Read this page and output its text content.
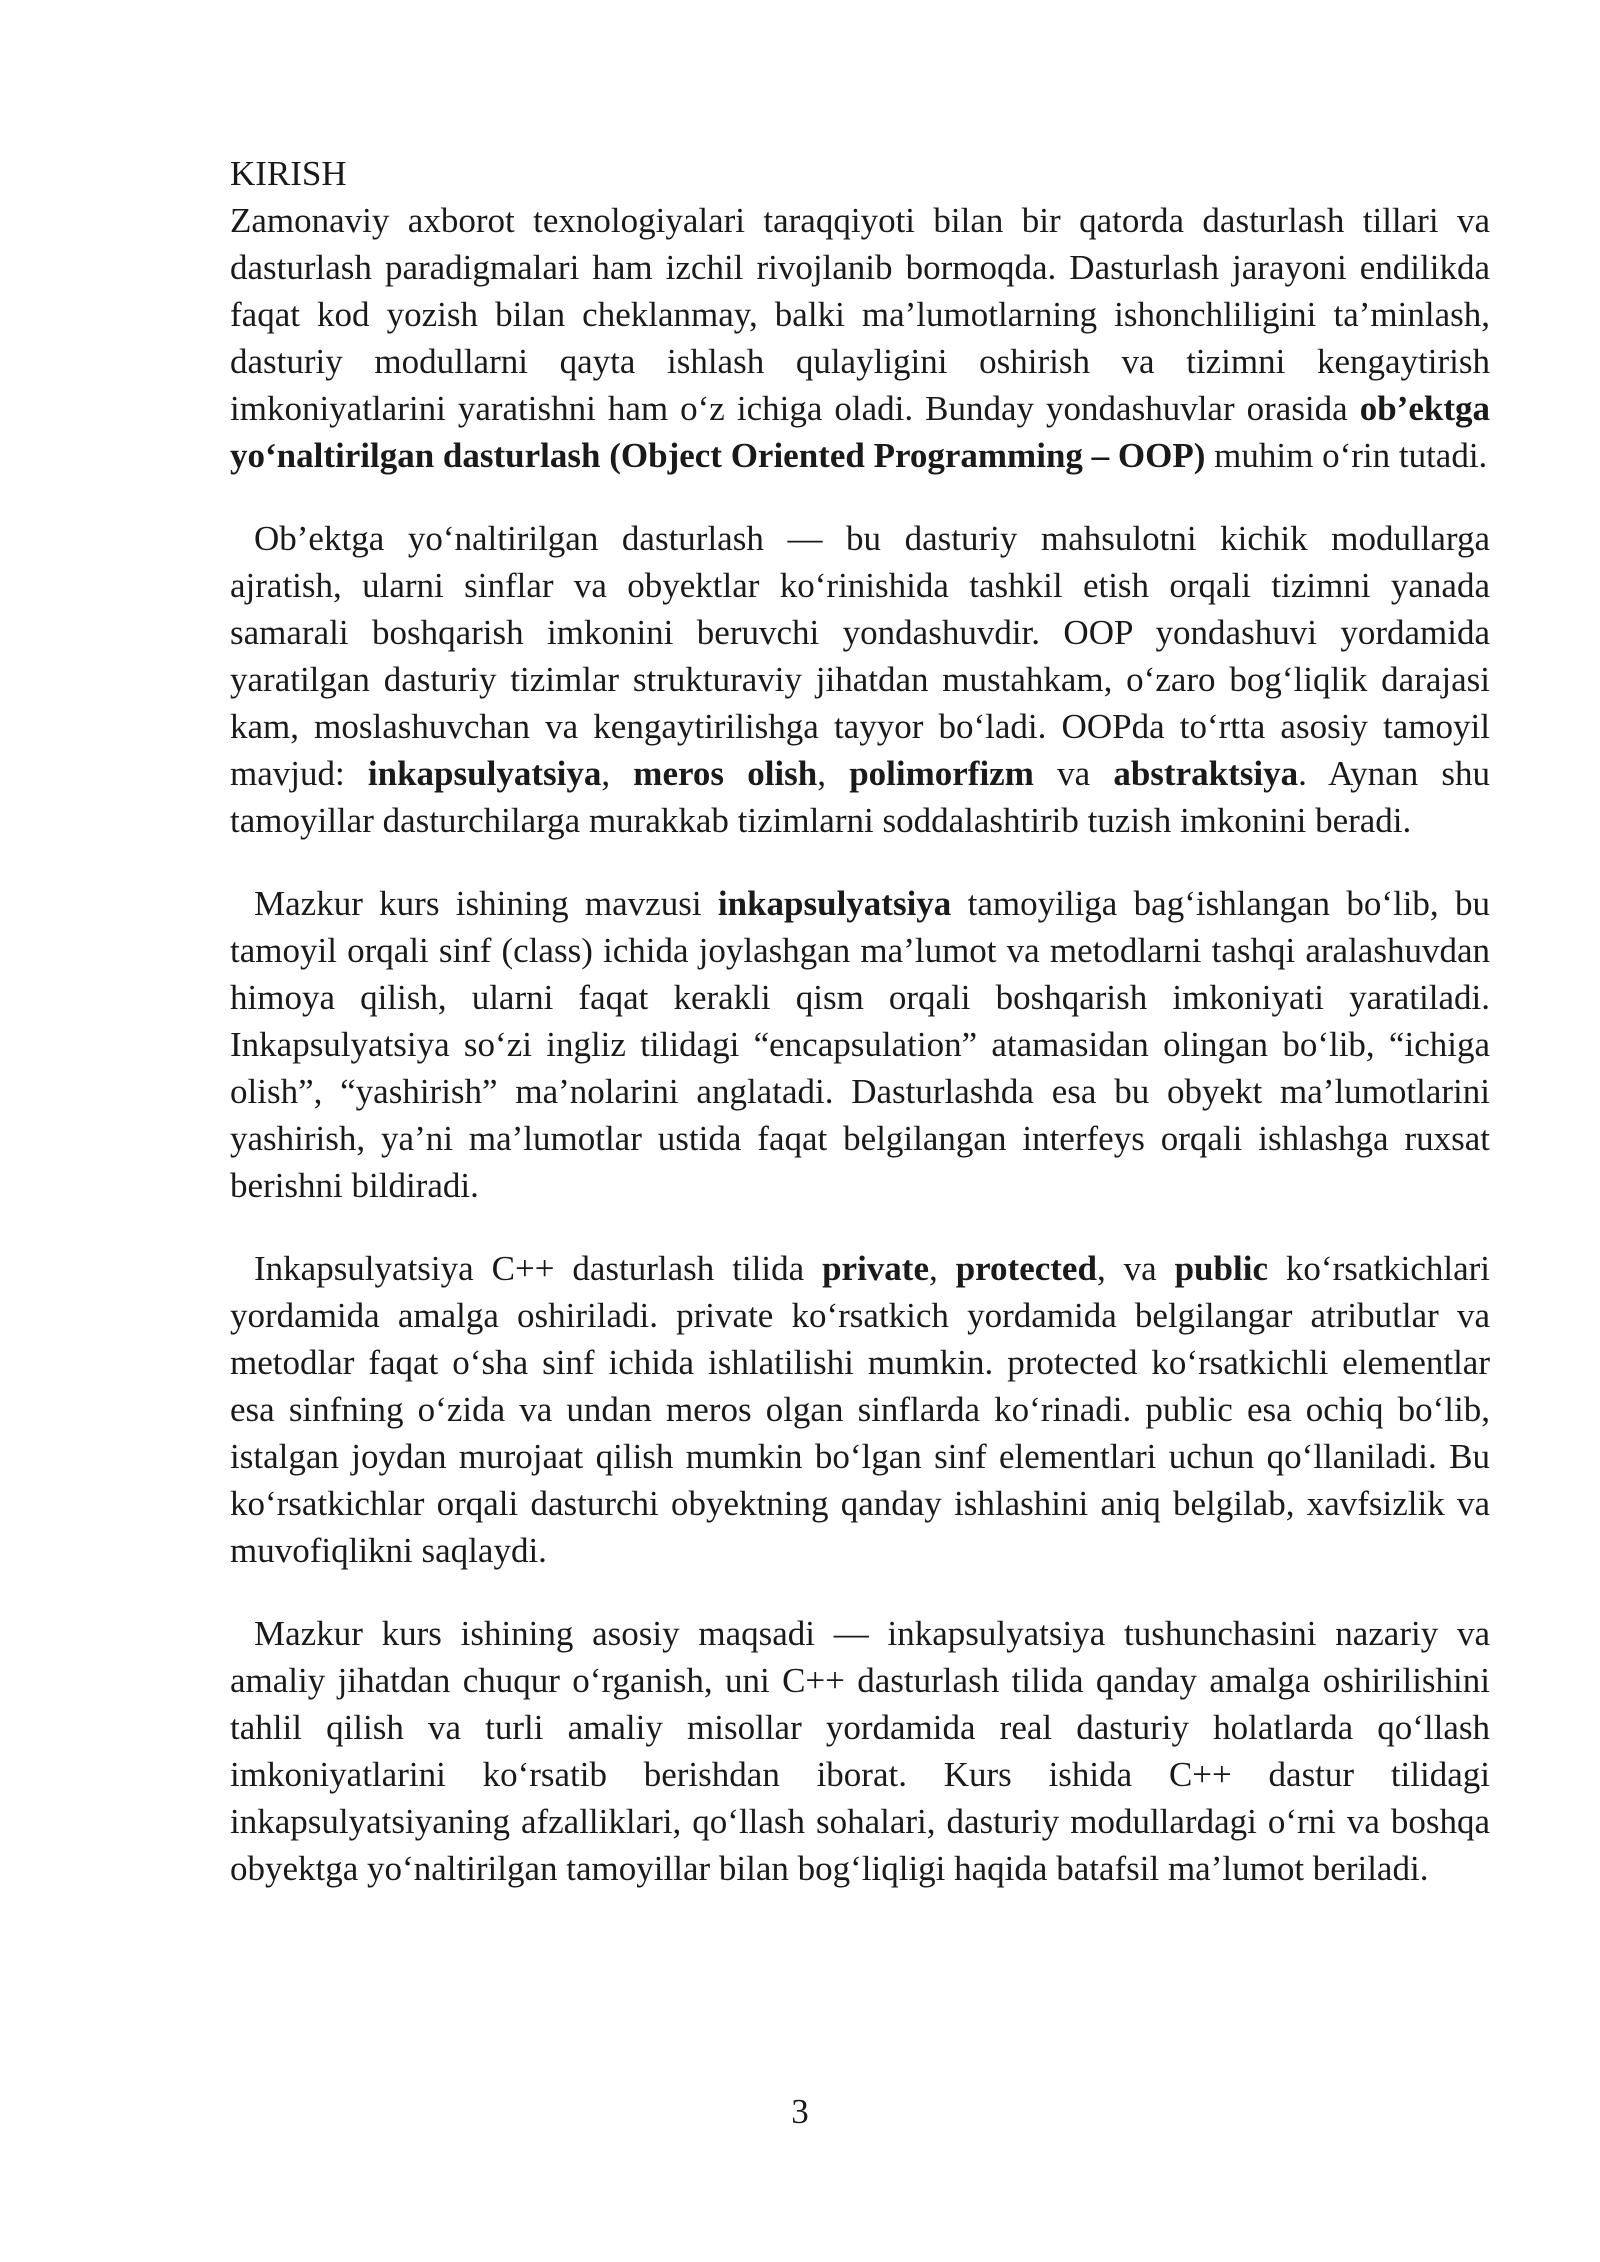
KIRISH

Zamonaviy axborot texnologiyalari taraqqiyoti bilan bir qatorda dasturlash tillari va dasturlash paradigmalari ham izchil rivojlanib bormoqda. Dasturlash jarayoni endilikda faqat kod yozish bilan cheklanmay, balki ma’lumotlarning ishonchliligini ta’minlash, dasturiy modullarni qayta ishlash qulayligini oshirish va tizimni kengaytirish imkoniyatlarini yaratishni ham o‘z ichiga oladi. Bunday yondashuvlar orasida ob’ektga yo‘naltirilgan dasturlash (Object Oriented Programming – OOP) muhim o‘rin tutadi.

Ob’ektga yo‘naltirilgan dasturlash — bu dasturiy mahsulotni kichik modullarga ajratish, ularni sinflar va obyektlar ko‘rinishida tashkil etish orqali tizimni yanada samarali boshqarish imkonini beruvchi yondashuvdir. OOP yondashuvi yordamida yaratilgan dasturiy tizimlar strukturaviy jihatdan mustahkam, o‘zaro bog‘liqlik darajasi kam, moslashuvchan va kengaytirilishga tayyor bo‘ladi. OOPda to‘rtta asosiy tamoyil mavjud: inkapsulyatsiya, meros olish, polimorfizm va abstraktsiya. Aynan shu tamoyillar dasturchilarga murakkab tizimlarni soddalashtirib tuzish imkonini beradi.

Mazkur kurs ishining mavzusi inkapsulyatsiya tamoyiliga bag‘ishlangan bo‘lib, bu tamoyil orqali sinf (class) ichida joylashgan ma’lumot va metodlarni tashqi aralashuvdan himoya qilish, ularni faqat kerakli qism orqali boshqarish imkoniyati yaratiladi. Inkapsulyatsiya so‘zi ingliz tilidagi “encapsulation” atamasidan olingan bo‘lib, “ichiga olish”, “yashirish” ma’nolarini anglatadi. Dasturlashda esa bu obyekt ma’lumotlarini yashirish, ya’ni ma’lumotlar ustida faqat belgilangan interfeys orqali ishlashga ruxsat berishni bildiradi.

Inkapsulyatsiya C++ dasturlash tilida private, protected, va public ko‘rsatkichlari yordamida amalga oshiriladi. private ko‘rsatkich yordamida belgilangar atributlar va metodlar faqat o‘sha sinf ichida ishlatilishi mumkin. protected ko‘rsatkichli elementlar esa sinfning o‘zida va undan meros olgan sinflarda ko‘rinadi. public esa ochiq bo‘lib, istalgan joydan murojaat qilish mumkin bo‘lgan sinf elementlari uchun qo‘llaniladi. Bu ko‘rsatkichlar orqali dasturchi obyektning qanday ishlashini aniq belgilab, xavfsizlik va muvofiqlikni saqlaydi.

Mazkur kurs ishining asosiy maqsadi — inkapsulyatsiya tushunchasini nazariy va amaliy jihatdan chuqur o‘rganish, uni C++ dasturlash tilida qanday amalga oshirilishini tahlil qilish va turli amaliy misollar yordamida real dasturiy holatlarda qo‘llash imkoniyatlarini ko‘rsatib berishdan iborat. Kurs ishida C++ dastur tilidagi inkapsulyatsiyaning afzalliklari, qo‘llash sohalari, dasturiy modullardagi o‘rni va boshqa obyektga yo‘naltirilgan tamoyillar bilan bog‘liqligi haqida batafsil ma’lumot beriladi.

3
